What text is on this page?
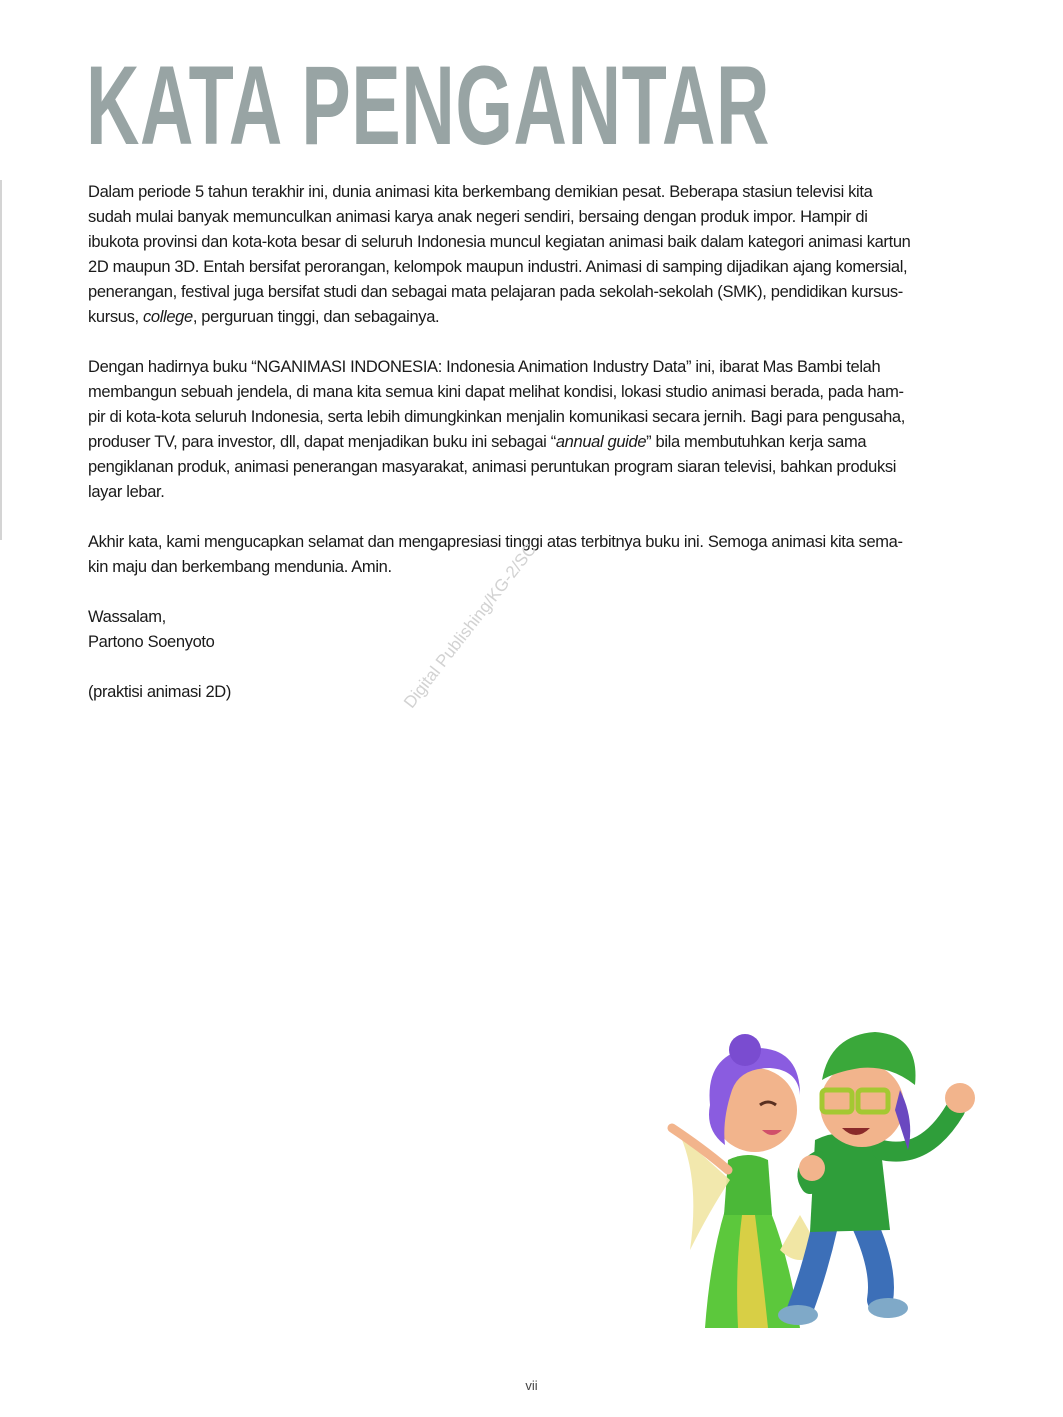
KATA PENGANTAR

Dalam periode 5 tahun terakhir ini, dunia animasi kita berkembang demikian pesat. Beberapa stasiun televisi kita
sudah mulai banyak memunculkan animasi karya anak negeri sendiri, bersaing dengan produk impor. Hampir di
ibukota provinsi dan kota-kota besar di seluruh Indonesia muncul kegiatan animasi baik dalam kategori animasi kartun
2D maupun 3D. Entah bersifat perorangan, kelompok maupun industri. Animasi di samping dijadikan ajang komersial,
penerangan, festival juga bersifat studi dan sebagai mata pelajaran pada sekolah-sekolah (SMK), pendidikan kursus-
kursus, college, perguruan tinggi, dan sebagainya.

Dengan hadirnya buku “NGANIMASI INDONESIA: Indonesia Animation Industry Data” ini, ibarat Mas Bambi telah
membangun sebuah jendela, di mana kita semua kini dapat melihat kondisi, lokasi studio animasi berada, pada ham-
pir di kota-kota seluruh Indonesia, serta lebih dimungkinkan menjalin komunikasi secara jernih. Bagi para pengusaha,
produser TV, para investor, dll, dapat menjadikan buku ini sebagai “annual guide” bila membutuhkan kerja sama
pengiklanan produk, animasi penerangan masyarakat, animasi peruntukan program siaran televisi, bahkan produksi
layar lebar.

Akhir kata, kami mengucapkan selamat dan mengapresiasi tinggi atas terbitnya buku ini. Semoga animasi kita sema-
kin maju dan berkembang mendunia. Amin.

Wassalam,
Partono Soenyoto

(praktisi animasi 2D)	Digital Publishing/KG-2/SC
vii
